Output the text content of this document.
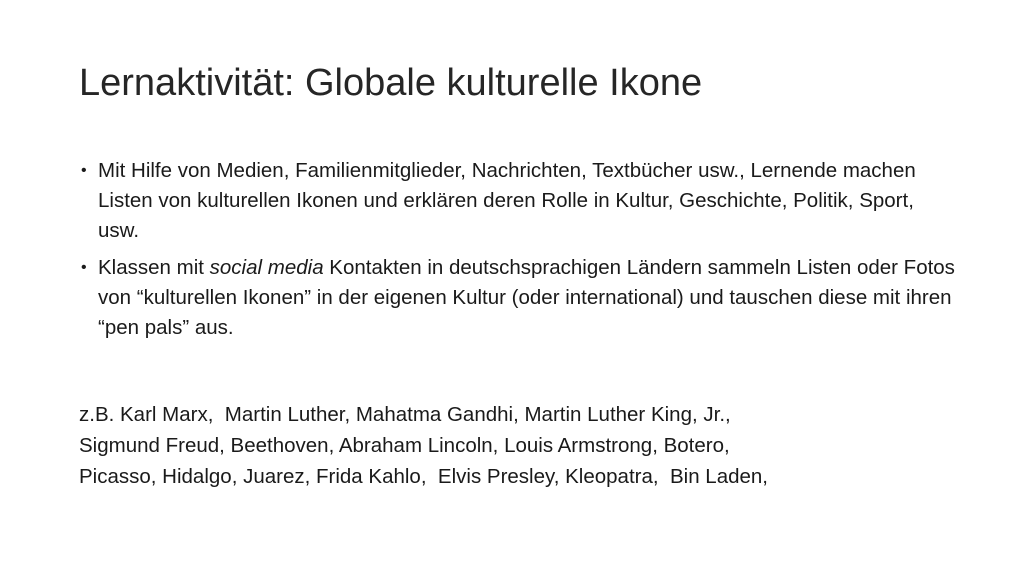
Lernaktivität: Globale kulturelle Ikone
• Mit Hilfe von Medien, Familienmitglieder, Nachrichten, Textbücher usw., Lernende machen Listen von kulturellen Ikonen und erklären deren Rolle in Kultur, Geschichte, Politik, Sport, usw.
• Klassen mit social media Kontakten in deutschsprachigen Ländern sammeln Listen oder Fotos von “kulturellen Ikonen” in der eigenen Kultur (oder international) und tauschen diese mit ihren “pen pals” aus.

z.B. Karl Marx,  Martin Luther, Mahatma Gandhi, Martin Luther King, Jr.,
Sigmund Freud, Beethoven, Abraham Lincoln, Louis Armstrong, Botero,
Picasso, Hidalgo, Juarez, Frida Kahlo,  Elvis Presley, Kleopatra,  Bin Laden,
